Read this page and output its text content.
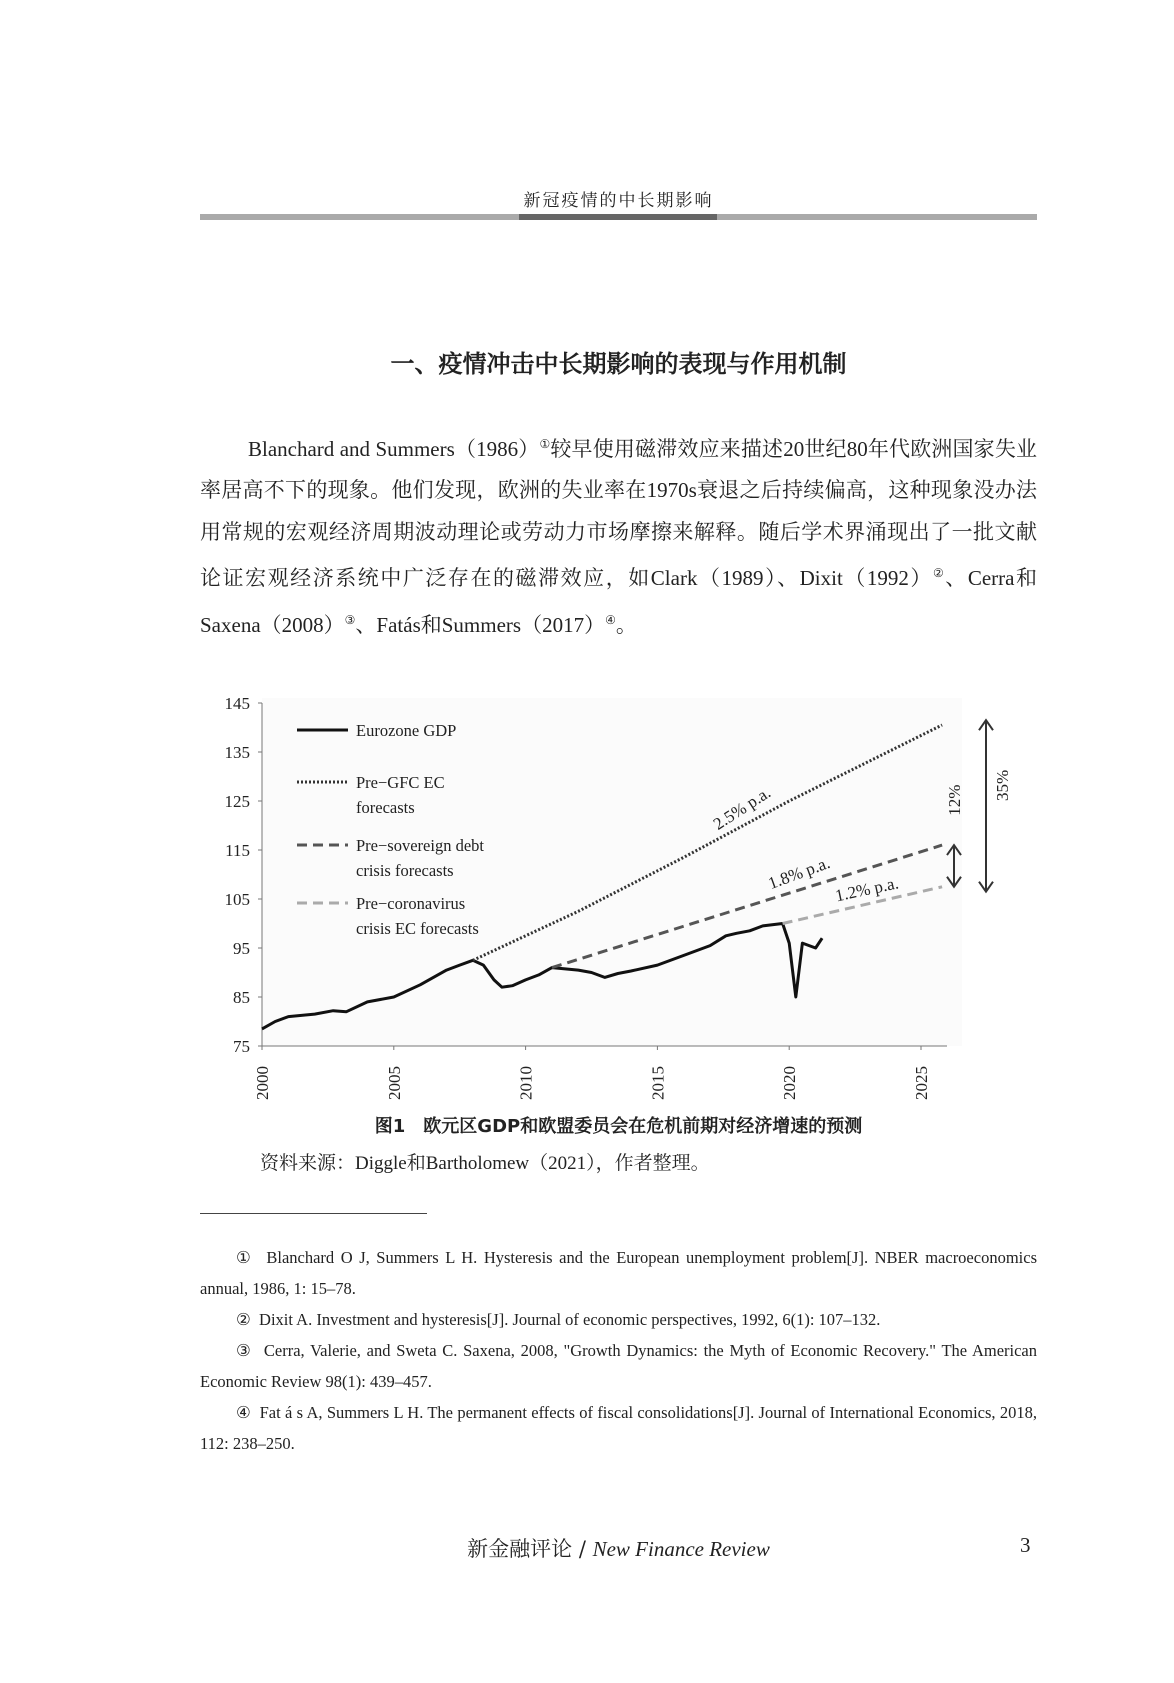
新冠疫情的中长期影响
一、疫情冲击中长期影响的表现与作用机制
Blanchard and Summers（1986）①较早使用磁滞效应来描述20世纪80年代欧洲国家失业率居高不下的现象。他们发现，欧洲的失业率在1970s衰退之后持续偏高，这种现象没办法用常规的宏观经济周期波动理论或劳动力市场摩擦来解释。随后学术界涌现出了一批文献论证宏观经济系统中广泛存在的磁滞效应，如Clark（1989）、Dixit（1992）②、Cerra和Saxena（2008）③、Fatás和Summers（2017）④。
75
85
95
105
115
125
135
145
2000	2005	2010	2015	2020	2025
Eurozone GDP
Pre−GFC EC
forecasts
Pre−sovereign debt
crisis forecasts
Pre−coronavirus
crisis EC forecasts
2.5% p.a.
1.8% p.a. 1.2% p.a.
12% 35%
图1　欧元区GDP和欧盟委员会在危机前期对经济增速的预测
资料来源：Diggle和Bartholomew（2021），作者整理。

① Blanchard O J, Summers L H. Hysteresis and the European unemployment problem[J]. NBER macroeconomics annual, 1986, 1: 15–78.

② Dixit A. Investment and hysteresis[J]. Journal of economic perspectives, 1992, 6(1): 107–132.

③ Cerra, Valerie, and Sweta C. Saxena, 2008, "Growth Dynamics: the Myth of Economic Recovery." The American Economic Review 98(1): 439–457.

④ Fat á s A, Summers L H. The permanent effects of fiscal consolidations[J]. Journal of International Economics, 2018, 112: 238–250.

新金融评论 / New Finance Review	3
